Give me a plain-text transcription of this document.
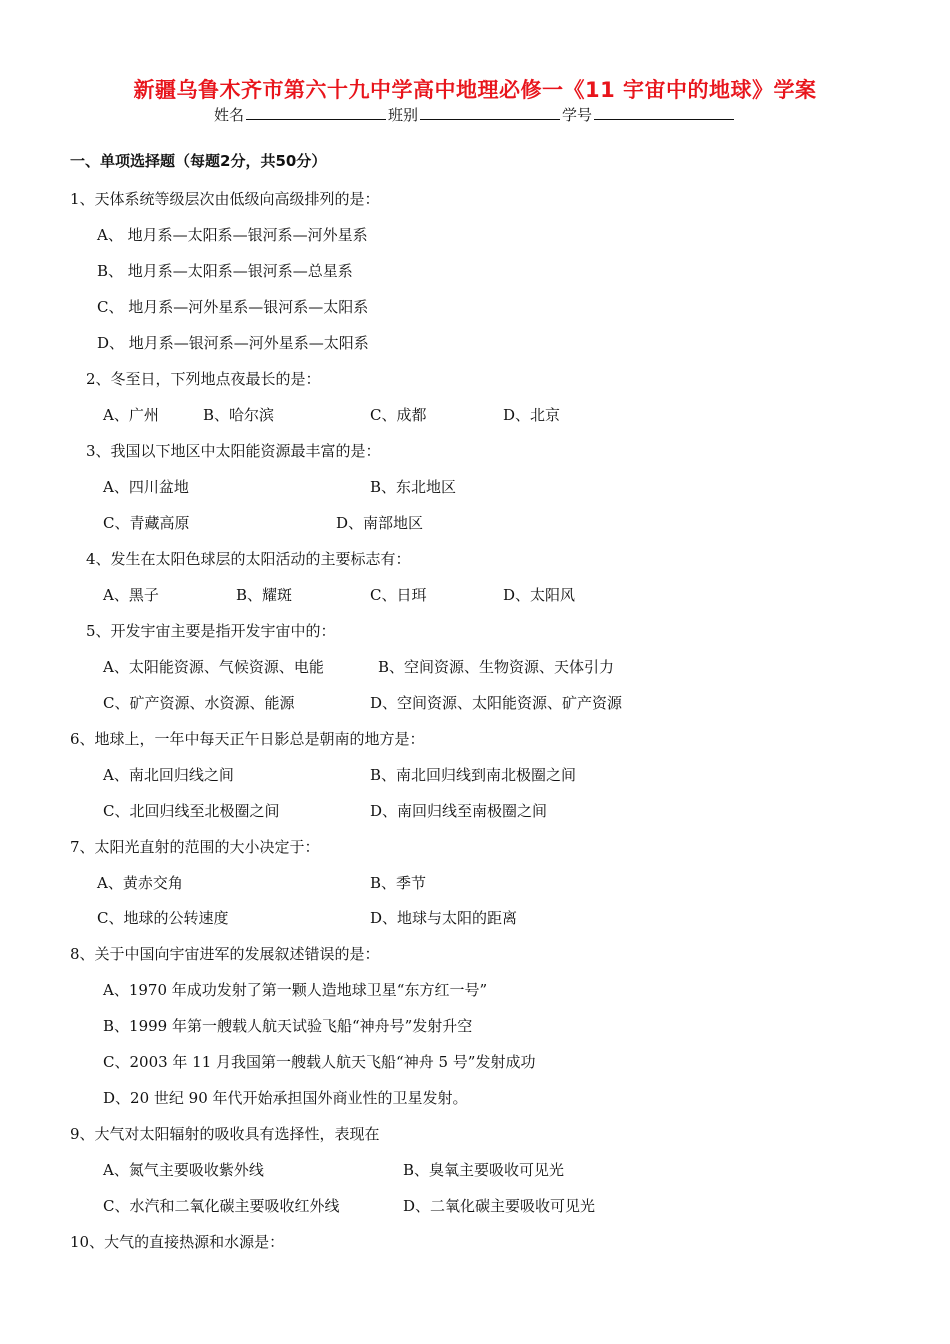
新疆乌鲁木齐市第六十九中学高中地理必修一《11 宇宙中的地球》学案
姓名	班别	学号
一、单项选择题（每题2分，共50分）
1、天体系统等级层次由低级向高级排列的是：
A、 地月系—太阳系—银河系—河外星系
B、 地月系—太阳系—银河系—总星系
C、 地月系—河外星系—银河系—太阳系
D、 地月系—银河系—河外星系—太阳系
2、冬至日，下列地点夜最长的是：
A、广州	B、哈尔滨	C、成都	D、北京
3、我国以下地区中太阳能资源最丰富的是：
A、四川盆地	B、东北地区
C、青藏高原	D、南部地区
4、发生在太阳色球层的太阳活动的主要标志有：
A、黑子	B、耀斑	C、日珥	D、太阳风
5、开发宇宙主要是指开发宇宙中的：
A、太阳能资源、气候资源、电能	B、空间资源、生物资源、天体引力
C、矿产资源、水资源、能源	D、空间资源、太阳能资源、矿产资源
6、地球上，一年中每天正午日影总是朝南的地方是：
A、南北回归线之间	B、南北回归线到南北极圈之间
C、北回归线至北极圈之间	D、南回归线至南极圈之间
7、太阳光直射的范围的大小决定于：
A、黄赤交角	B、季节
C、地球的公转速度	D、地球与太阳的距离
8、关于中国向宇宙进军的发展叙述错误的是：
A、1970 年成功发射了第一颗人造地球卫星“东方红一号”
B、1999 年第一艘载人航天试验飞船“神舟号”发射升空
C、2003 年 11 月我国第一艘载人航天飞船“神舟 5 号”发射成功
D、20 世纪 90 年代开始承担国外商业性的卫星发射。
9、大气对太阳辐射的吸收具有选择性，表现在
A、氮气主要吸收紫外线	B、臭氧主要吸收可见光
C、水汽和二氧化碳主要吸收红外线	D、二氧化碳主要吸收可见光
10、大气的直接热源和水源是：
